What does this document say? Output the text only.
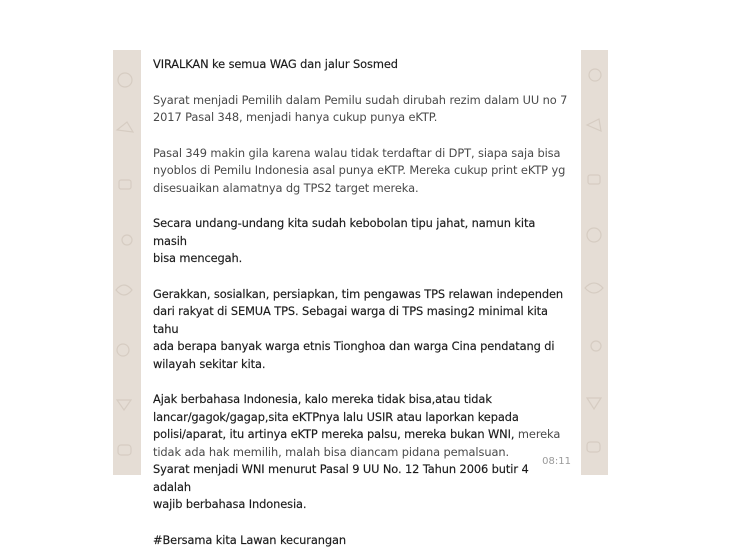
VIRALKAN ke semua WAG dan jalur Sosmed

Syarat menjadi Pemilih dalam Pemilu sudah dirubah rezim dalam UU no 7
2017 Pasal 348, menjadi hanya cukup punya eKTP.

Pasal 349 makin gila karena walau tidak terdaftar di DPT, siapa saja bisa
nyoblos di Pemilu Indonesia asal punya eKTP. Mereka cukup print eKTP yg
disesuaikan alamatnya dg TPS2 target mereka.

Secara undang-undang kita sudah kebobolan tipu jahat, namun kita masih
bisa mencegah.

Gerakkan, sosialkan, persiapkan, tim pengawas TPS relawan independen
dari rakyat di SEMUA TPS. Sebagai warga di TPS masing2 minimal kita tahu
ada berapa banyak warga etnis Tionghoa dan warga Cina pendatang di
wilayah sekitar kita.

Ajak berbahasa Indonesia, kalo mereka tidak bisa,atau tidak
lancar/gagok/gagap,sita eKTPnya lalu USIR atau laporkan kepada
polisi/aparat, itu artinya eKTP mereka palsu, mereka bukan WNI, mereka
tidak ada hak memilih, malah bisa diancam pidana pemalsuan.

Syarat menjadi WNI menurut Pasal 9 UU No. 12 Tahun 2006 butir 4 adalah
wajib berbahasa Indonesia.

#Bersama kita Lawan kecurangan

08:11
